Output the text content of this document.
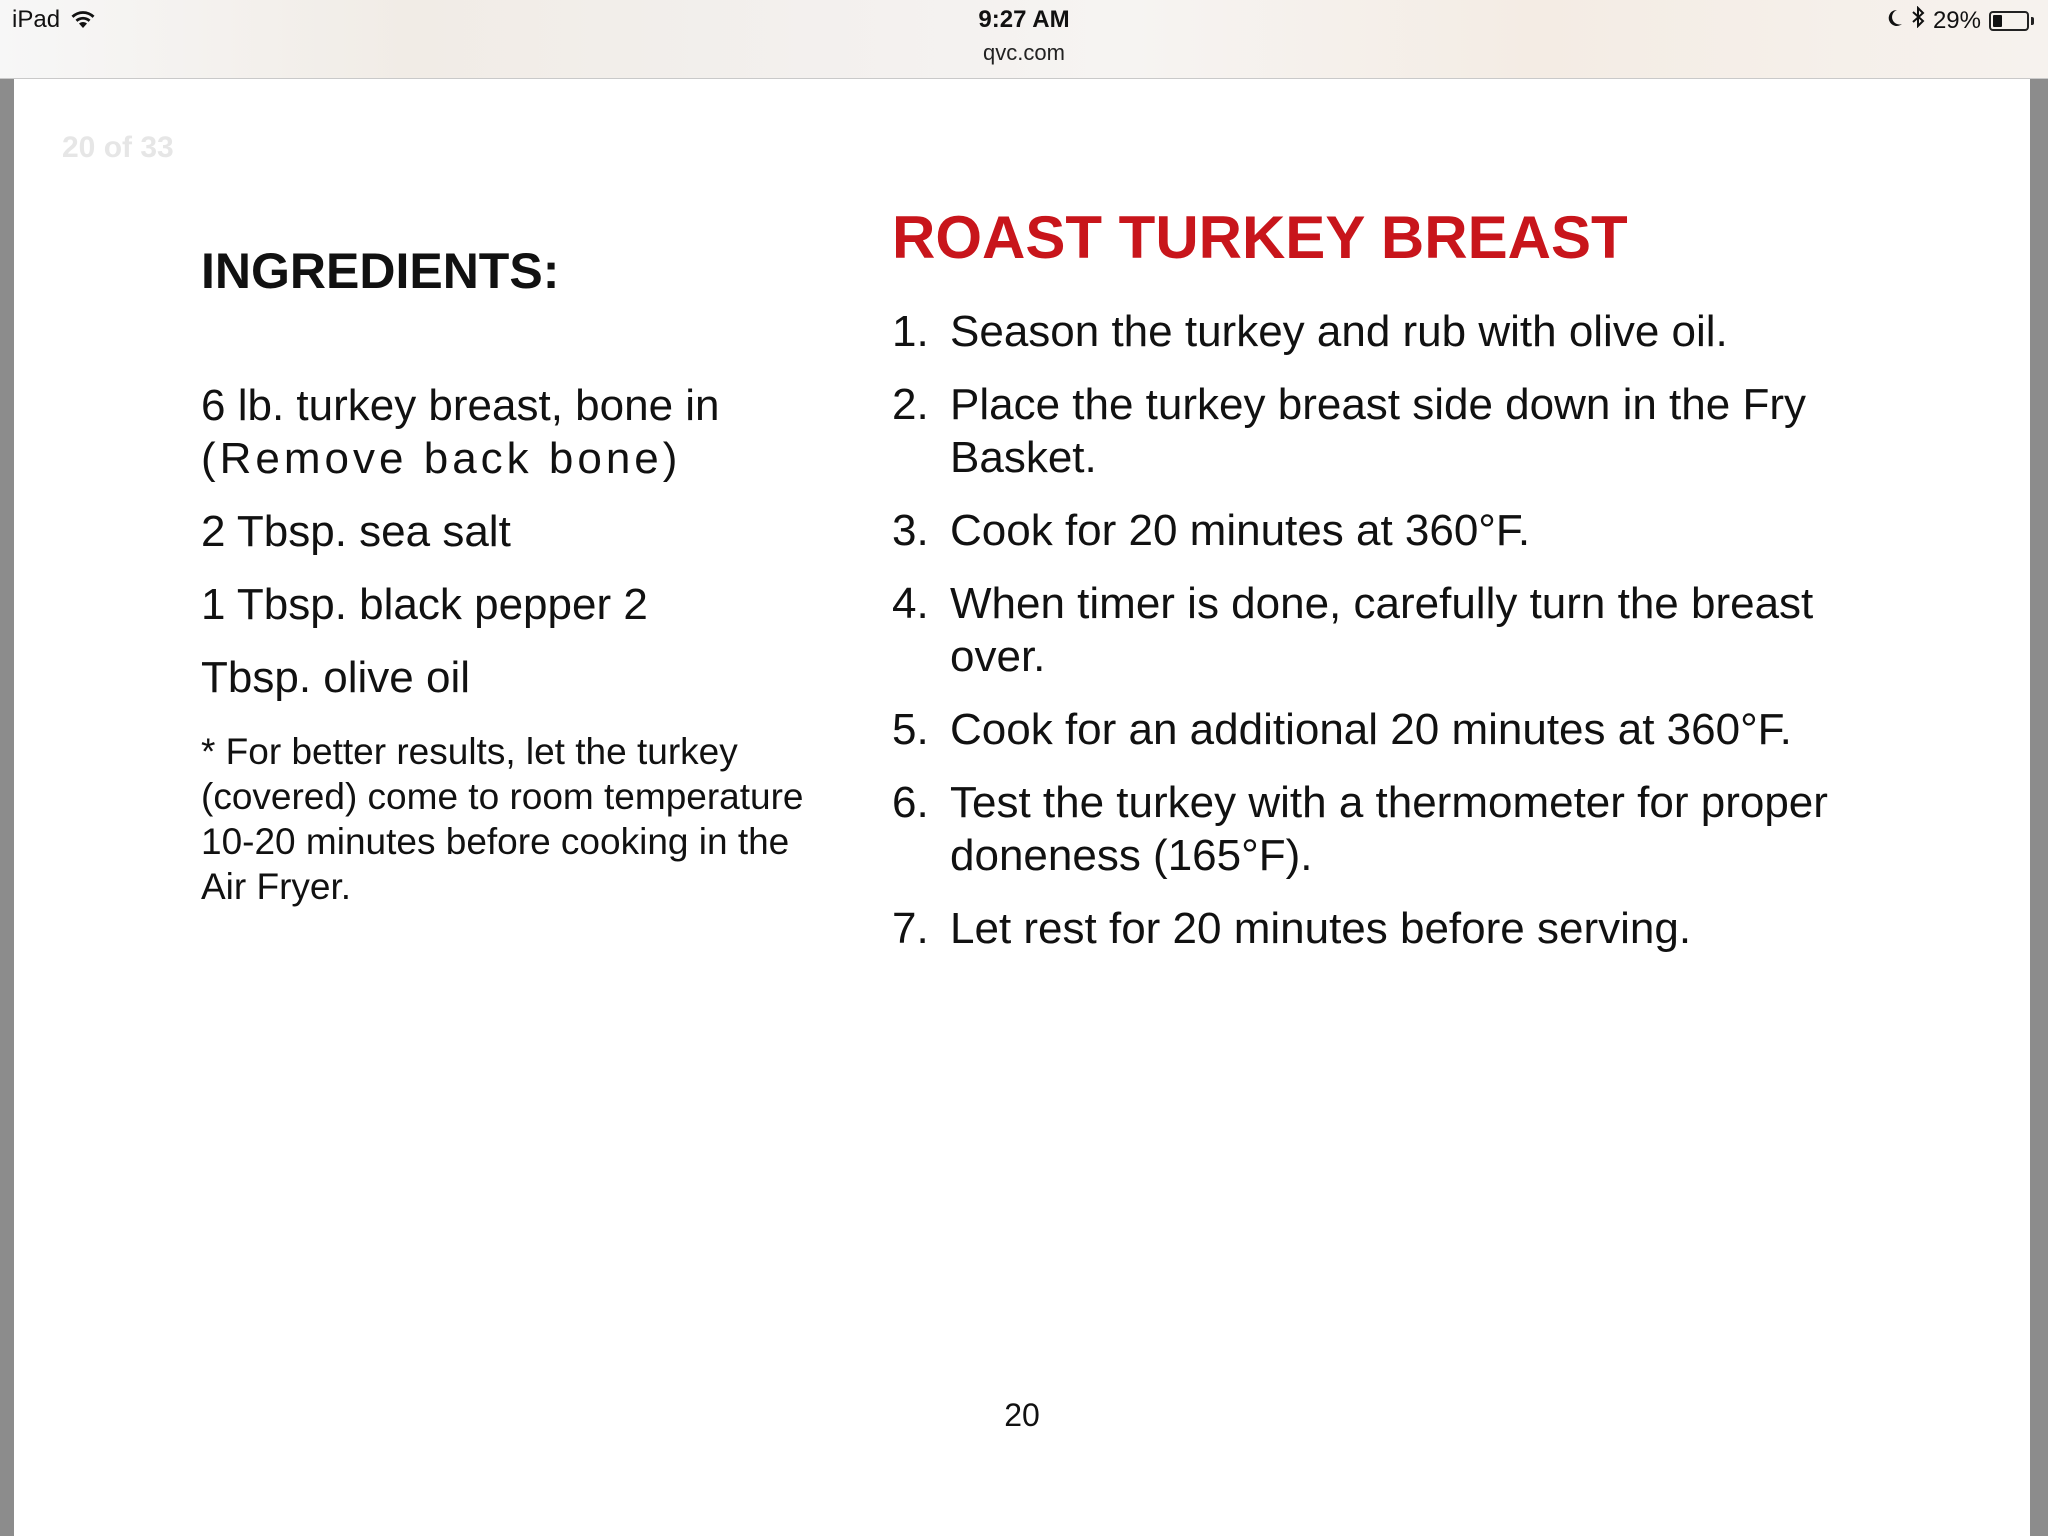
iPad	9:27 AM
qvc.com
29%
20 of 33
INGREDIENTS:
6 lb. turkey breast, bone in
(Remove back bone)
2 Tbsp. sea salt
1 Tbsp. black pepper 2
Tbsp. olive oil
* For better results, let the turkey (covered) come to room temperature 10-20 minutes before cooking in the Air Fryer.
ROAST TURKEY BREAST
1. Season the turkey and rub with olive oil.
2. Place the turkey breast side down in the Fry Basket.
3. Cook for 20 minutes at 360°F.
4. When timer is done, carefully turn the breast over.
5. Cook for an additional 20 minutes at 360°F.
6. Test the turkey with a thermometer for proper doneness (165°F).
7. Let rest for 20 minutes before serving.
20
